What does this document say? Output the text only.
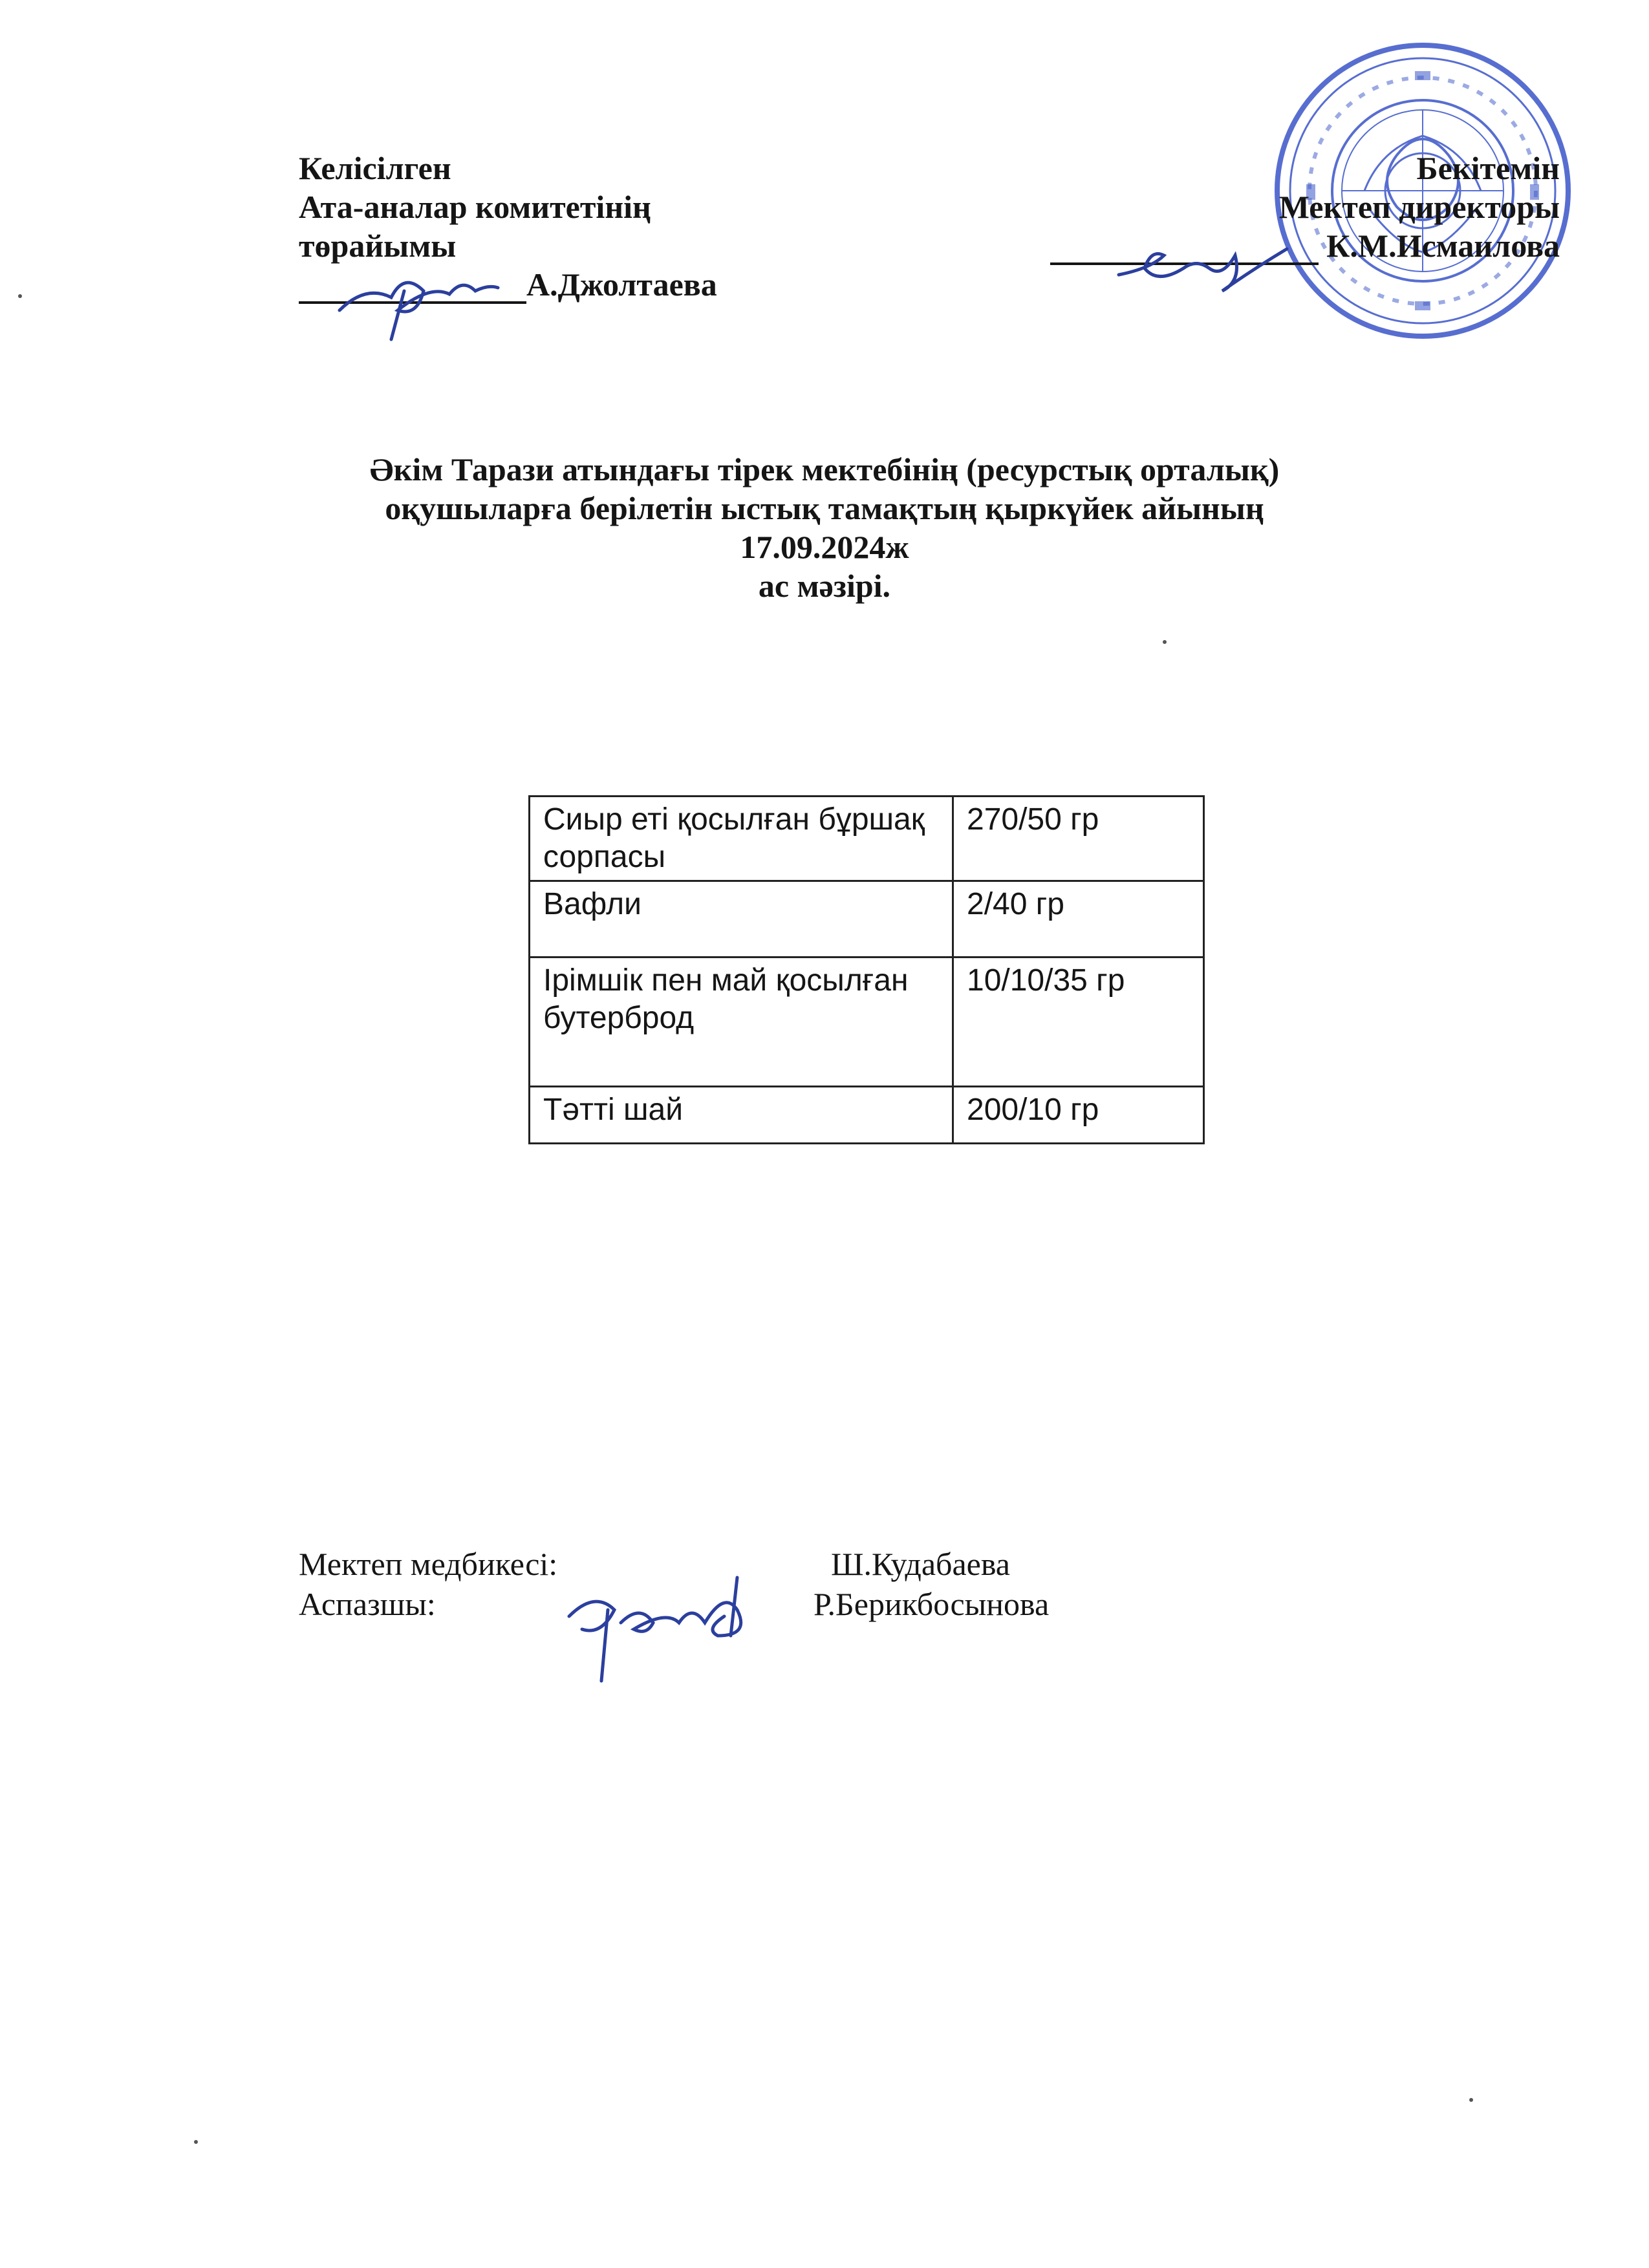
Келісілген
Ата-аналар комитетінің
төрайымы
А.Джолтаева
Бекітемін
Мектеп директоры
К.М.Исмаилова
Әкім Тарази атындағы тірек мектебінің (ресурстық орталық)
оқушыларға берілетін ыстық тамақтың қыркүйек айының
17.09.2024ж
ас мәзірі.
Сиыр еті қосылған бұршақ сорпасы	270/50 гр
Вафли	2/40 гр
Ірімшік пен май қосылған бутерброд	10/10/35 гр
Тәтті шай	200/10 гр
Мектеп медбикесі:	Ш.Кудабаева
Аспазшы:	Р.Берикбосынова
